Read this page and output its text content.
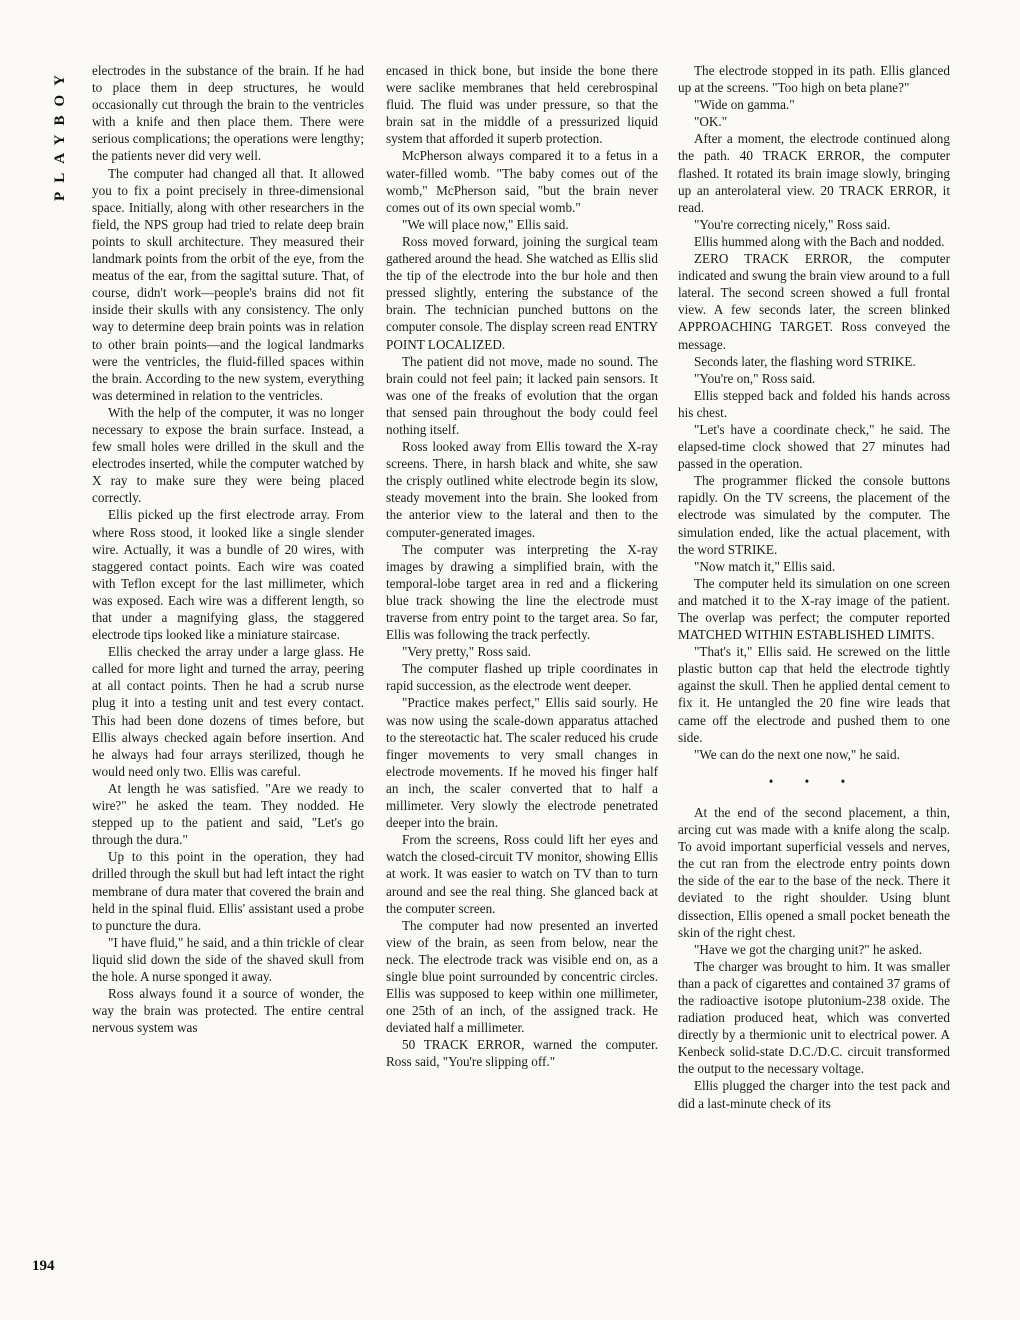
PLAYBOY
194

electrodes in the substance of the brain. If he had to place them in deep structures, he would occasionally cut through the brain to the ventricles with a knife and then place them. There were serious complications; the operations were lengthy; the patients never did very well.

The computer had changed all that. It allowed you to fix a point precisely in three-dimensional space. Initially, along with other researchers in the field, the NPS group had tried to relate deep brain points to skull architecture. They measured their landmark points from the orbit of the eye, from the meatus of the ear, from the sagittal suture. That, of course, didn't work—people's brains did not fit inside their skulls with any consistency. The only way to determine deep brain points was in relation to other brain points—and the logical landmarks were the ventricles, the fluid-filled spaces within the brain. According to the new system, everything was determined in relation to the ventricles.

With the help of the computer, it was no longer necessary to expose the brain surface. Instead, a few small holes were drilled in the skull and the electrodes inserted, while the computer watched by X ray to make sure they were being placed correctly.

Ellis picked up the first electrode array. From where Ross stood, it looked like a single slender wire. Actually, it was a bundle of 20 wires, with staggered contact points. Each wire was coated with Teflon except for the last millimeter, which was exposed. Each wire was a different length, so that under a magnifying glass, the staggered electrode tips looked like a miniature staircase.

Ellis checked the array under a large glass. He called for more light and turned the array, peering at all contact points. Then he had a scrub nurse plug it into a testing unit and test every contact. This had been done dozens of times before, but Ellis always checked again before insertion. And he always had four arrays sterilized, though he would need only two. Ellis was careful.

At length he was satisfied. "Are we ready to wire?" he asked the team. They nodded. He stepped up to the patient and said, "Let's go through the dura."

Up to this point in the operation, they had drilled through the skull but had left intact the right membrane of dura mater that covered the brain and held in the spinal fluid. Ellis' assistant used a probe to puncture the dura.

"I have fluid," he said, and a thin trickle of clear liquid slid down the side of the shaved skull from the hole. A nurse sponged it away.

Ross always found it a source of wonder, the way the brain was protected. The entire central nervous system was

encased in thick bone, but inside the bone there were saclike membranes that held cerebrospinal fluid. The fluid was under pressure, so that the brain sat in the middle of a pressurized liquid system that afforded it superb protection.

McPherson always compared it to a fetus in a water-filled womb. "The baby comes out of the womb," McPherson said, "but the brain never comes out of its own special womb."

"We will place now," Ellis said.

Ross moved forward, joining the surgical team gathered around the head. She watched as Ellis slid the tip of the electrode into the bur hole and then pressed slightly, entering the substance of the brain. The technician punched buttons on the computer console. The display screen read ENTRY POINT LOCALIZED.

The patient did not move, made no sound. The brain could not feel pain; it lacked pain sensors. It was one of the freaks of evolution that the organ that sensed pain throughout the body could feel nothing itself.

Ross looked away from Ellis toward the X-ray screens. There, in harsh black and white, she saw the crisply outlined white electrode begin its slow, steady movement into the brain. She looked from the anterior view to the lateral and then to the computer-generated images.

The computer was interpreting the X-ray images by drawing a simplified brain, with the temporal-lobe target area in red and a flickering blue track showing the line the electrode must traverse from entry point to the target area. So far, Ellis was following the track perfectly.

"Very pretty," Ross said.

The computer flashed up triple coordinates in rapid succession, as the electrode went deeper.

"Practice makes perfect," Ellis said sourly. He was now using the scale-down apparatus attached to the stereotactic hat. The scaler reduced his crude finger movements to very small changes in electrode movements. If he moved his finger half an inch, the scaler converted that to half a millimeter. Very slowly the electrode penetrated deeper into the brain.

From the screens, Ross could lift her eyes and watch the closed-circuit TV monitor, showing Ellis at work. It was easier to watch on TV than to turn around and see the real thing. She glanced back at the computer screen.

The computer had now presented an inverted view of the brain, as seen from below, near the neck. The electrode track was visible end on, as a single blue point surrounded by concentric circles. Ellis was supposed to keep within one millimeter, one 25th of an inch, of the assigned track. He deviated half a millimeter.

50 TRACK ERROR, warned the computer. Ross said, "You're slipping off."

The electrode stopped in its path. Ellis glanced up at the screens. "Too high on beta plane?"

"Wide on gamma."

"OK."

After a moment, the electrode continued along the path. 40 TRACK ERROR, the computer flashed. It rotated its brain image slowly, bringing up an anterolateral view. 20 TRACK ERROR, it read.

"You're correcting nicely," Ross said.

Ellis hummed along with the Bach and nodded.

ZERO TRACK ERROR, the computer indicated and swung the brain view around to a full lateral. The second screen showed a full frontal view. A few seconds later, the screen blinked APPROACHING TARGET. Ross conveyed the message.

Seconds later, the flashing word STRIKE.

"You're on," Ross said.

Ellis stepped back and folded his hands across his chest.

"Let's have a coordinate check," he said. The elapsed-time clock showed that 27 minutes had passed in the operation.

The programmer flicked the console buttons rapidly. On the TV screens, the placement of the electrode was simulated by the computer. The simulation ended, like the actual placement, with the word STRIKE.

"Now match it," Ellis said.

The computer held its simulation on one screen and matched it to the X-ray image of the patient. The overlap was perfect; the computer reported MATCHED WITHIN ESTABLISHED LIMITS.

"That's it," Ellis said. He screwed on the little plastic button cap that held the electrode tightly against the skull. Then he applied dental cement to fix it. He untangled the 20 fine wire leads that came off the electrode and pushed them to one side.

"We can do the next one now," he said.

• • •

At the end of the second placement, a thin, arcing cut was made with a knife along the scalp. To avoid important superficial vessels and nerves, the cut ran from the electrode entry points down the side of the ear to the base of the neck. There it deviated to the right shoulder. Using blunt dissection, Ellis opened a small pocket beneath the skin of the right chest.

"Have we got the charging unit?" he asked.

The charger was brought to him. It was smaller than a pack of cigarettes and contained 37 grams of the radioactive isotope plutonium-238 oxide. The radiation produced heat, which was converted directly by a thermionic unit to electrical power. A Kenbeck solid-state D.C./D.C. circuit transformed the output to the necessary voltage.

Ellis plugged the charger into the test pack and did a last-minute check of its
